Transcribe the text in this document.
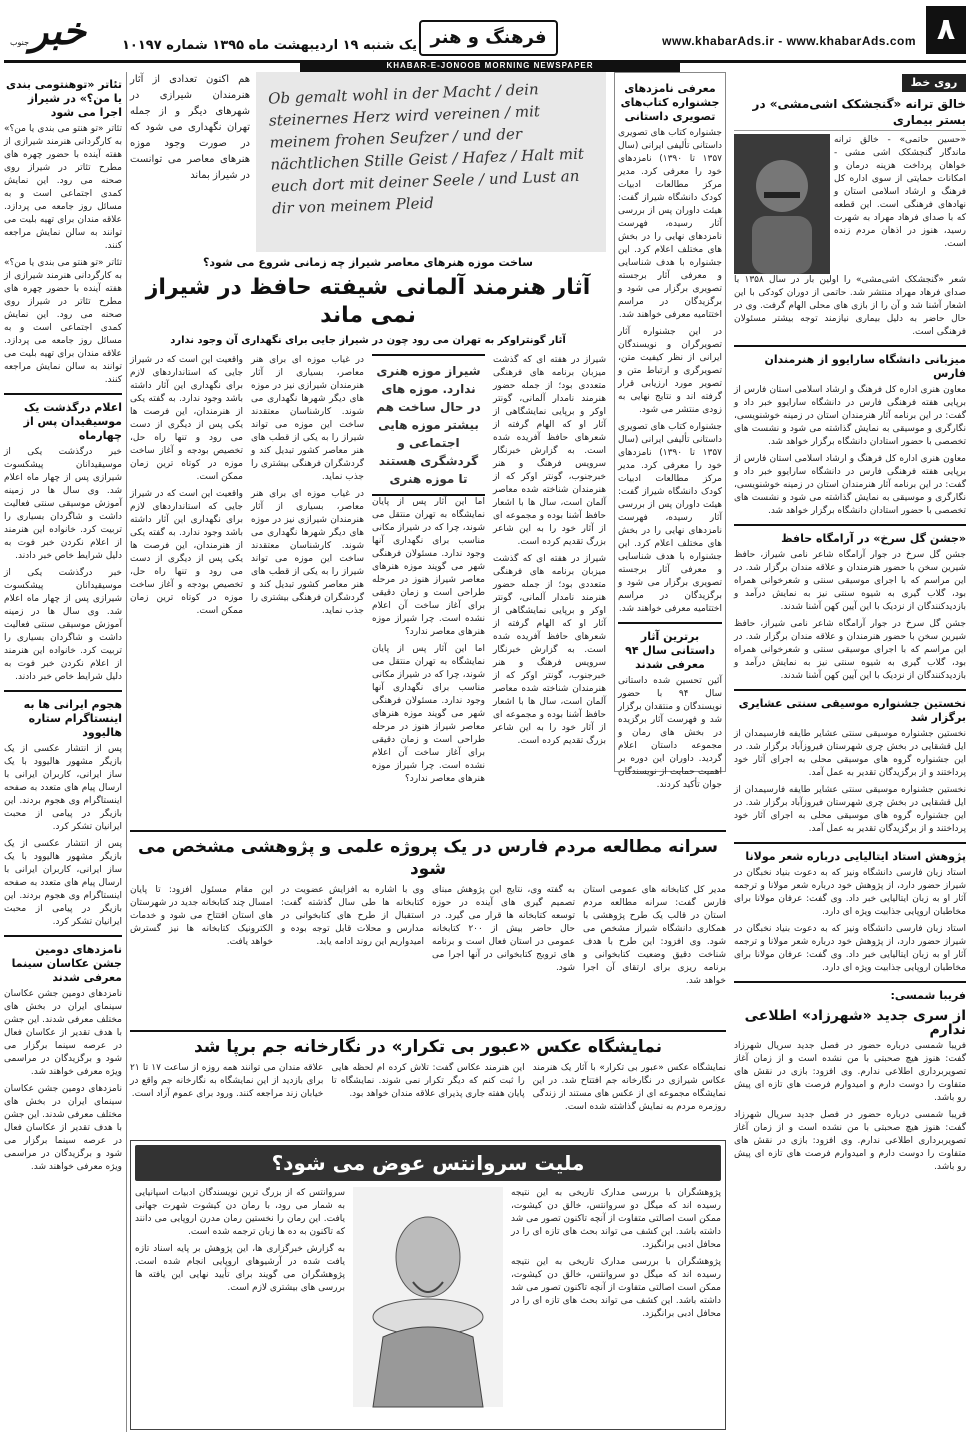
۸
www.khabarAds.ir - www.khabarAds.com
فرهنگ و هنر
یک شنبه ۱۹ اردیبهشت ماه ۱۳۹۵ شماره ۱۰۱۹۷
خبر
جنوب
KHABAR-E-JONOOB MORNING NEWSPAPER
روی خط
خالق ترانه «گنجشکک اشی‌مشی» در بستر بیماری

«حسین حاتمی» - خالق ترانه ماندگار گنجشکک اشی مشی - خواهان پرداخت هزینه درمان و امکانات حمایتی از سوی اداره کل فرهنگ و ارشاد اسلامی استان و نهادهای فرهنگی است. این قطعه که با صدای فرهاد مهراد به شهرت رسید، هنوز در اذهان مردم زنده است.

شعر «گنجشکک اشی‌مشی» را اولین بار در سال ۱۳۵۸ با صدای فرهاد مهراد منتشر شد. حاتمی از دوران کودکی با این اشعار آشنا شد و آن را از بازی های محلی الهام گرفت. وی در حال حاضر به دلیل بیماری نیازمند توجه بیشتر مسئولان فرهنگی است.

میزبانی دانشگاه سارایوو از هنرمندان فارس

معاون هنری اداره کل فرهنگ و ارشاد اسلامی استان فارس از برپایی هفته فرهنگی فارس در دانشگاه سارایوو خبر داد و گفت: در این برنامه آثار هنرمندان استان در زمینه خوشنویسی، نگارگری و موسیقی به نمایش گذاشته می شود و نشست های تخصصی با حضور استادان دانشگاه برگزار خواهد شد.

معاون هنری اداره کل فرهنگ و ارشاد اسلامی استان فارس از برپایی هفته فرهنگی فارس در دانشگاه سارایوو خبر داد و گفت: در این برنامه آثار هنرمندان استان در زمینه خوشنویسی، نگارگری و موسیقی به نمایش گذاشته می شود و نشست های تخصصی با حضور استادان دانشگاه برگزار خواهد شد.

«جشن گل سرخ» در آرامگاه حافظ

جشن گل سرخ در جوار آرامگاه شاعر نامی شیراز، حافظ شیرین سخن با حضور هنرمندان و علاقه مندان برگزار شد. در این مراسم که با اجرای موسیقی سنتی و شعرخوانی همراه بود، گلاب گیری به شیوه سنتی نیز به نمایش درآمد و بازدیدکنندگان از نزدیک با این آیین کهن آشنا شدند.

جشن گل سرخ در جوار آرامگاه شاعر نامی شیراز، حافظ شیرین سخن با حضور هنرمندان و علاقه مندان برگزار شد. در این مراسم که با اجرای موسیقی سنتی و شعرخوانی همراه بود، گلاب گیری به شیوه سنتی نیز به نمایش درآمد و بازدیدکنندگان از نزدیک با این آیین کهن آشنا شدند.

نخستین جشنواره موسیقی سنتی عشایری برگزار شد

نخستین جشنواره موسیقی سنتی عشایر طایفه فارسیمدان از ایل قشقایی در بخش چری شهرستان فیروزآباد برگزار شد. در این جشنواره گروه های موسیقی محلی به اجرای آثار خود پرداختند و از برگزیدگان تقدیر به عمل آمد.

نخستین جشنواره موسیقی سنتی عشایر طایفه فارسیمدان از ایل قشقایی در بخش چری شهرستان فیروزآباد برگزار شد. در این جشنواره گروه های موسیقی محلی به اجرای آثار خود پرداختند و از برگزیدگان تقدیر به عمل آمد.

پژوهش استاد ایتالیایی درباره شعر مولانا

استاد زبان فارسی دانشگاه ونیز که به دعوت بنیاد نخبگان در شیراز حضور دارد، از پژوهش خود درباره شعر مولانا و ترجمه آثار او به زبان ایتالیایی خبر داد. وی گفت: عرفان مولانا برای مخاطبان اروپایی جذابیت ویژه ای دارد.

استاد زبان فارسی دانشگاه ونیز که به دعوت بنیاد نخبگان در شیراز حضور دارد، از پژوهش خود درباره شعر مولانا و ترجمه آثار او به زبان ایتالیایی خبر داد. وی گفت: عرفان مولانا برای مخاطبان اروپایی جذابیت ویژه ای دارد.

فریبا شمسی:
از سری جدید «شهرزاد» اطلاعی ندارم

فریبا شمسی درباره حضور در فصل جدید سریال شهرزاد گفت: هنوز هیچ صحبتی با من نشده است و از زمان آغاز تصویربرداری اطلاعی ندارم. وی افزود: بازی در نقش های متفاوت را دوست دارم و امیدوارم فرصت های تازه ای پیش رو باشد.

فریبا شمسی درباره حضور در فصل جدید سریال شهرزاد گفت: هنوز هیچ صحبتی با من نشده است و از زمان آغاز تصویربرداری اطلاعی ندارم. وی افزود: بازی در نقش های متفاوت را دوست دارم و امیدوارم فرصت های تازه ای پیش رو باشد.

معرفی نامزدهای جشنواره کتاب‌های تصویری داستانی

جشنواره کتاب های تصویری داستانی تألیفی ایرانی (سال ۱۳۵۷ تا ۱۳۹۰) نامزدهای خود را معرفی کرد. مدیر مرکز مطالعات ادبیات کودک دانشگاه شیراز گفت: هیئت داوران پس از بررسی آثار رسیده، فهرست نامزدهای نهایی را در بخش های مختلف اعلام کرد. این جشنواره با هدف شناسایی و معرفی آثار برجسته تصویری برگزار می شود و برگزیدگان در مراسم اختتامیه معرفی خواهند شد.

در این جشنواره آثار تصویرگران و نویسندگان ایرانی از نظر کیفیت متن، تصویرگری و ارتباط متن و تصویر مورد ارزیابی قرار گرفته اند و نتایج نهایی به زودی منتشر می شود.

جشنواره کتاب های تصویری داستانی تألیفی ایرانی (سال ۱۳۵۷ تا ۱۳۹۰) نامزدهای خود را معرفی کرد. مدیر مرکز مطالعات ادبیات کودک دانشگاه شیراز گفت: هیئت داوران پس از بررسی آثار رسیده، فهرست نامزدهای نهایی را در بخش های مختلف اعلام کرد. این جشنواره با هدف شناسایی و معرفی آثار برجسته تصویری برگزار می شود و برگزیدگان در مراسم اختتامیه معرفی خواهند شد.

برترین آثار داستانی سال ۹۴ معرفی شدند

آئین تحسین شده داستانی سال ۹۴ با حضور نویسندگان و منتقدان برگزار شد و فهرست آثار برگزیده در بخش های رمان و مجموعه داستان اعلام گردید. داوران این دوره بر اهمیت حمایت از نویسندگان جوان تأکید کردند.

Ob gemalt wohl in der Macht / dein steinernes Herz wird vereinen / mit meinem frohen Seufzer / und der nächtlichen Stille Geist / Hafez / Halt mit euch dort mit deiner Seele / und Lust an dir von meinem Pleid

هم اکنون تعدادی از آثار هنرمندان شیرازی در شهرهای دیگر و از جمله تهران نگهداری می شود که در صورت وجود موزه هنرهای معاصر می توانست در شیراز بماند

ساخت موزه هنرهای معاصر شیراز چه زمانی شروع می شود؟
آثار هنرمند آلمانی شیفته حافظ در شیراز نمی ماند
آثار گونتراوکر به تهران می رود چون در شیراز جایی برای نگهداری آن وجود ندارد

شیراز در هفته ای که گذشت میزبان برنامه های فرهنگی متعددی بود؛ از جمله حضور هنرمند نامدار آلمانی، گونتر اوکر و برپایی نمایشگاهی از آثار او که الهام گرفته از شعرهای حافظ آفریده شده است. به گزارش خبرنگار سرویس فرهنگ و هنر خبرجنوب، گونتر اوکر که از هنرمندان شناخته شده معاصر آلمان است، سال ها با اشعار حافظ آشنا بوده و مجموعه ای از آثار خود را به این شاعر بزرگ تقدیم کرده است.

شیراز در هفته ای که گذشت میزبان برنامه های فرهنگی متعددی بود؛ از جمله حضور هنرمند نامدار آلمانی، گونتر اوکر و برپایی نمایشگاهی از آثار او که الهام گرفته از شعرهای حافظ آفریده شده است. به گزارش خبرنگار سرویس فرهنگ و هنر خبرجنوب، گونتر اوکر که از هنرمندان شناخته شده معاصر آلمان است، سال ها با اشعار حافظ آشنا بوده و مجموعه ای از آثار خود را به این شاعر بزرگ تقدیم کرده است.

شیراز موزه هنری ندارد. موزه های در حال ساخت هم بیشتر موزه هایی اجتماعی و گردشگری هستند تا موزه هنری

اما این آثار پس از پایان نمایشگاه به تهران منتقل می شوند، چرا که در شیراز مکانی مناسب برای نگهداری آنها وجود ندارد. مسئولان فرهنگی شهر می گویند موزه هنرهای معاصر شیراز هنوز در مرحله طراحی است و زمان دقیقی برای آغاز ساخت آن اعلام نشده است. چرا شیراز موزه هنرهای معاصر ندارد؟

اما این آثار پس از پایان نمایشگاه به تهران منتقل می شوند، چرا که در شیراز مکانی مناسب برای نگهداری آنها وجود ندارد. مسئولان فرهنگی شهر می گویند موزه هنرهای معاصر شیراز هنوز در مرحله طراحی است و زمان دقیقی برای آغاز ساخت آن اعلام نشده است. چرا شیراز موزه هنرهای معاصر ندارد؟

در غیاب موزه ای برای هنر معاصر، بسیاری از آثار هنرمندان شیرازی نیز در موزه های دیگر شهرها نگهداری می شوند. کارشناسان معتقدند ساخت این موزه می تواند شیراز را به یکی از قطب های هنر معاصر کشور تبدیل کند و گردشگران فرهنگی بیشتری را جذب نماید.

در غیاب موزه ای برای هنر معاصر، بسیاری از آثار هنرمندان شیرازی نیز در موزه های دیگر شهرها نگهداری می شوند. کارشناسان معتقدند ساخت این موزه می تواند شیراز را به یکی از قطب های هنر معاصر کشور تبدیل کند و گردشگران فرهنگی بیشتری را جذب نماید.

واقعیت این است که در شیراز جایی که استانداردهای لازم برای نگهداری این آثار داشته باشد وجود ندارد. به گفته یکی از هنرمندان، این فرصت ها یکی پس از دیگری از دست می رود و تنها راه حل، تخصیص بودجه و آغاز ساخت موزه در کوتاه ترین زمان ممکن است.

واقعیت این است که در شیراز جایی که استانداردهای لازم برای نگهداری این آثار داشته باشد وجود ندارد. به گفته یکی از هنرمندان، این فرصت ها یکی پس از دیگری از دست می رود و تنها راه حل، تخصیص بودجه و آغاز ساخت موزه در کوتاه ترین زمان ممکن است.

سرانه مطالعه مردم فارس در یک پروژه علمی و پژوهشی مشخص می شود

مدیر کل کتابخانه های عمومی استان فارس گفت: سرانه مطالعه مردم استان در قالب یک طرح پژوهشی با همکاری دانشگاه شیراز مشخص می شود. وی افزود: این طرح با هدف شناخت دقیق وضعیت کتابخوانی و برنامه ریزی برای ارتقای آن اجرا خواهد شد.

به گفته وی، نتایج این پژوهش مبنای تصمیم گیری های آینده در حوزه توسعه کتابخانه ها قرار می گیرد. در حال حاضر بیش از ۲۰۰ کتابخانه عمومی در استان فعال است و برنامه های ترویج کتابخوانی در آنها اجرا می شود.

وی با اشاره به افزایش عضویت در کتابخانه ها طی سال گذشته گفت: استقبال از طرح های کتابخوانی در مدارس و محلات قابل توجه بوده و امیدواریم این روند ادامه یابد.

این مقام مسئول افزود: تا پایان امسال چند کتابخانه جدید در شهرستان های استان افتتاح می شود و خدمات الکترونیک کتابخانه ها نیز گسترش خواهد یافت.

نمایشگاه عکس «عبور بی تکرار» در نگارخانه جم برپا شد

نمایشگاه عکس «عبور بی تکرار» با آثار یک هنرمند عکاس شیرازی در نگارخانه جم افتتاح شد. در این نمایشگاه مجموعه ای از عکس های مستند از زندگی روزمره مردم به نمایش گذاشته شده است.

این هنرمند عکاس گفت: تلاش کرده ام لحظه هایی را ثبت کنم که دیگر تکرار نمی شوند. نمایشگاه تا پایان هفته جاری پذیرای علاقه مندان خواهد بود.

علاقه مندان می توانند همه روزه از ساعت ۱۷ تا ۲۱ برای بازدید از این نمایشگاه به نگارخانه جم واقع در خیابان زند مراجعه کنند. ورود برای عموم آزاد است.

ملیت سروانتس عوض می شود؟

پژوهشگران با بررسی مدارک تاریخی به این نتیجه رسیده اند که میگل دو سروانتس، خالق دن کیشوت، ممکن است اصالتی متفاوت از آنچه تاکنون تصور می شد داشته باشد. این کشف می تواند بحث های تازه ای را در محافل ادبی برانگیزد.

پژوهشگران با بررسی مدارک تاریخی به این نتیجه رسیده اند که میگل دو سروانتس، خالق دن کیشوت، ممکن است اصالتی متفاوت از آنچه تاکنون تصور می شد داشته باشد. این کشف می تواند بحث های تازه ای را در محافل ادبی برانگیزد.

سروانتس که از بزرگ ترین نویسندگان ادبیات اسپانیایی به شمار می رود، با رمان دن کیشوت شهرت جهانی یافت. این رمان را نخستین رمان مدرن اروپایی می دانند که تاکنون به ده ها زبان ترجمه شده است.

به گزارش خبرگزاری ها، این پژوهش بر پایه اسناد تازه یافت شده در آرشیوهای اروپایی انجام شده است. پژوهشگران می گویند برای تأیید نهایی این یافته ها بررسی های بیشتری لازم است.

تئاتر «توهنتومی بندی یا من؟» در شیراز اجرا می شود

تئاتر «تو هنتو می بندی یا من؟» به کارگردانی هنرمند شیرازی از هفته آینده با حضور چهره های مطرح تئاتر در شیراز روی صحنه می رود. این نمایش کمدی اجتماعی است و به مسائل روز جامعه می پردازد. علاقه مندان برای تهیه بلیت می توانند به سالن نمایش مراجعه کنند.

تئاتر «تو هنتو می بندی یا من؟» به کارگردانی هنرمند شیرازی از هفته آینده با حضور چهره های مطرح تئاتر در شیراز روی صحنه می رود. این نمایش کمدی اجتماعی است و به مسائل روز جامعه می پردازد. علاقه مندان برای تهیه بلیت می توانند به سالن نمایش مراجعه کنند.

اعلام درگذشت یک موسیقیدان پس از چهارماه

خبر درگذشت یکی از موسیقیدانان پیشکسوت شیرازی پس از چهار ماه اعلام شد. وی سال ها در زمینه آموزش موسیقی سنتی فعالیت داشت و شاگردان بسیاری را تربیت کرد. خانواده این هنرمند از اعلام نکردن خبر فوت به دلیل شرایط خاص خبر دادند.

خبر درگذشت یکی از موسیقیدانان پیشکسوت شیرازی پس از چهار ماه اعلام شد. وی سال ها در زمینه آموزش موسیقی سنتی فعالیت داشت و شاگردان بسیاری را تربیت کرد. خانواده این هنرمند از اعلام نکردن خبر فوت به دلیل شرایط خاص خبر دادند.

هجوم ایرانی ها به اینستاگرام ستاره هالیوود

پس از انتشار عکسی از یک بازیگر مشهور هالیوود با یک ساز ایرانی، کاربران ایرانی با ارسال پیام های متعدد به صفحه اینستاگرام وی هجوم بردند. این بازیگر در پیامی از محبت ایرانیان تشکر کرد.

پس از انتشار عکسی از یک بازیگر مشهور هالیوود با یک ساز ایرانی، کاربران ایرانی با ارسال پیام های متعدد به صفحه اینستاگرام وی هجوم بردند. این بازیگر در پیامی از محبت ایرانیان تشکر کرد.

نامزدهای دومین جشن عکاسان سینما معرفی شدند

نامزدهای دومین جشن عکاسان سینمای ایران در بخش های مختلف معرفی شدند. این جشن با هدف تقدیر از عکاسان فعال در عرصه سینما برگزار می شود و برگزیدگان در مراسمی ویژه معرفی خواهند شد.

نامزدهای دومین جشن عکاسان سینمای ایران در بخش های مختلف معرفی شدند. این جشن با هدف تقدیر از عکاسان فعال در عرصه سینما برگزار می شود و برگزیدگان در مراسمی ویژه معرفی خواهند شد.
